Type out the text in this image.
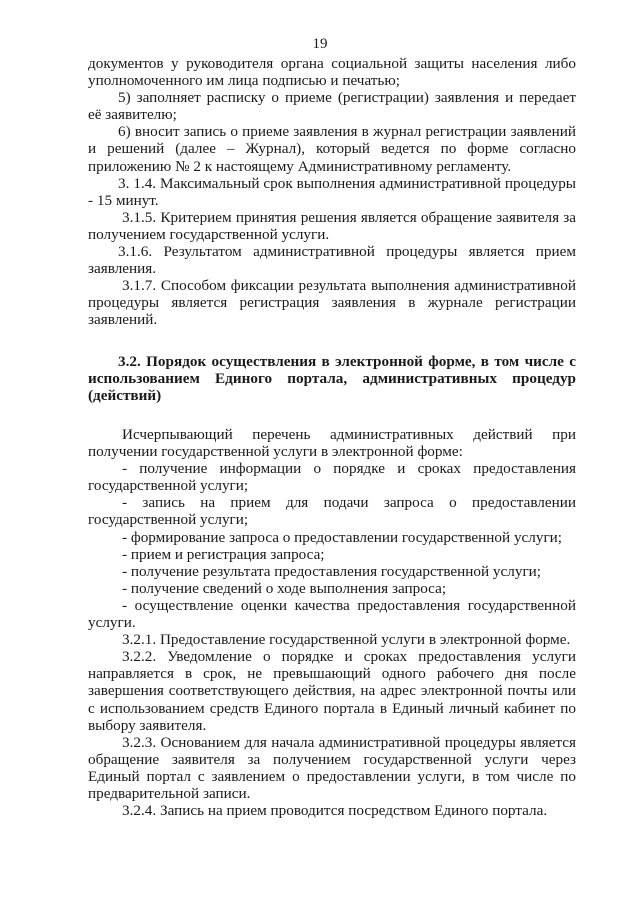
19

документов у руководителя органа социальной защиты населения либо уполномоченного им лица подписью и печатью;

5) заполняет расписку о приеме (регистрации) заявления и передает её заявителю;

6) вносит запись о приеме заявления в журнал регистрации заявлений и решений (далее – Журнал), который ведется по форме согласно приложению № 2 к настоящему Административному регламенту.

3. 1.4. Максимальный срок выполнения административной процедуры - 15 минут.

3.1.5. Критерием принятия решения является обращение заявителя за получением государственной услуги.

3.1.6. Результатом административной процедуры является прием заявления.

3.1.7. Способом фиксации результата выполнения административной процедуры является регистрация заявления в журнале регистрации заявлений.

3.2. Порядок осуществления в электронной форме, в том числе с использованием Единого портала, административных процедур (действий)

Исчерпывающий перечень административных действий при получении государственной услуги в электронной форме:

- получение информации о порядке и сроках предоставления государственной услуги;

- запись на прием для подачи запроса о предоставлении государственной услуги;

- формирование запроса о предоставлении государственной услуги;

- прием и регистрация запроса;

- получение результата предоставления государственной услуги;

- получение сведений о ходе выполнения запроса;

- осуществление оценки качества предоставления государственной услуги.

3.2.1. Предоставление государственной услуги в электронной форме.

3.2.2. Уведомление о порядке и сроках предоставления услуги направляется в срок, не превышающий одного рабочего дня после завершения соответствующего действия, на адрес электронной почты или с использованием средств Единого портала в Единый личный кабинет по выбору заявителя.

3.2.3. Основанием для начала административной процедуры является обращение заявителя за получением государственной услуги через Единый портал с заявлением о предоставлении услуги, в том числе по предварительной записи.

3.2.4. Запись на прием проводится посредством Единого портала.
